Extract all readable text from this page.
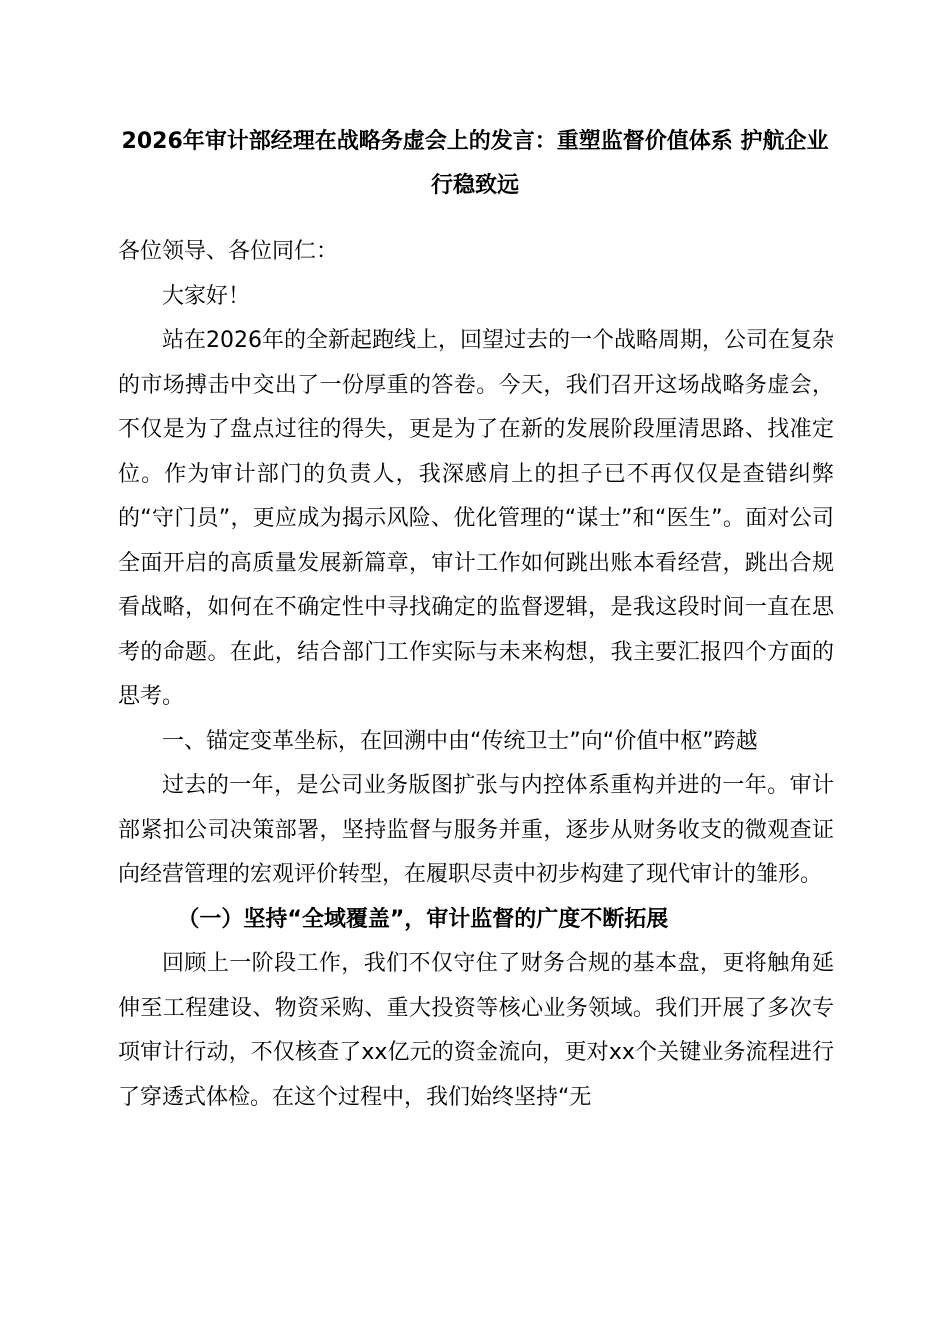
2026年审计部经理在战略务虚会上的发言：重塑监督价值体系 护航企业行稳致远

各位领导、各位同仁：

大家好！

站在2026年的全新起跑线上，回望过去的一个战略周期，公司在复杂的市场搏击中交出了一份厚重的答卷。今天，我们召开这场战略务虚会，不仅是为了盘点过往的得失，更是为了在新的发展阶段厘清思路、找准定位。作为审计部门的负责人，我深感肩上的担子已不再仅仅是查错纠弊的“守门员”，更应成为揭示风险、优化管理的“谋士”和“医生”。面对公司全面开启的高质量发展新篇章，审计工作如何跳出账本看经营，跳出合规看战略，如何在不确定性中寻找确定的监督逻辑，是我这段时间一直在思考的命题。在此，结合部门工作实际与未来构想，我主要汇报四个方面的思考。

一、锚定变革坐标，在回溯中由“传统卫士”向“价值中枢”跨越

过去的一年，是公司业务版图扩张与内控体系重构并进的一年。审计部紧扣公司决策部署，坚持监督与服务并重，逐步从财务收支的微观查证向经营管理的宏观评价转型，在履职尽责中初步构建了现代审计的雏形。

（一）坚持“全域覆盖”，审计监督的广度不断拓展

回顾上一阶段工作，我们不仅守住了财务合规的基本盘，更将触角延伸至工程建设、物资采购、重大投资等核心业务领域。我们开展了多次专项审计行动，不仅核查了xx亿元的资金流向，更对xx个关键业务流程进行了穿透式体检。在这个过程中，我们始终坚持“无
